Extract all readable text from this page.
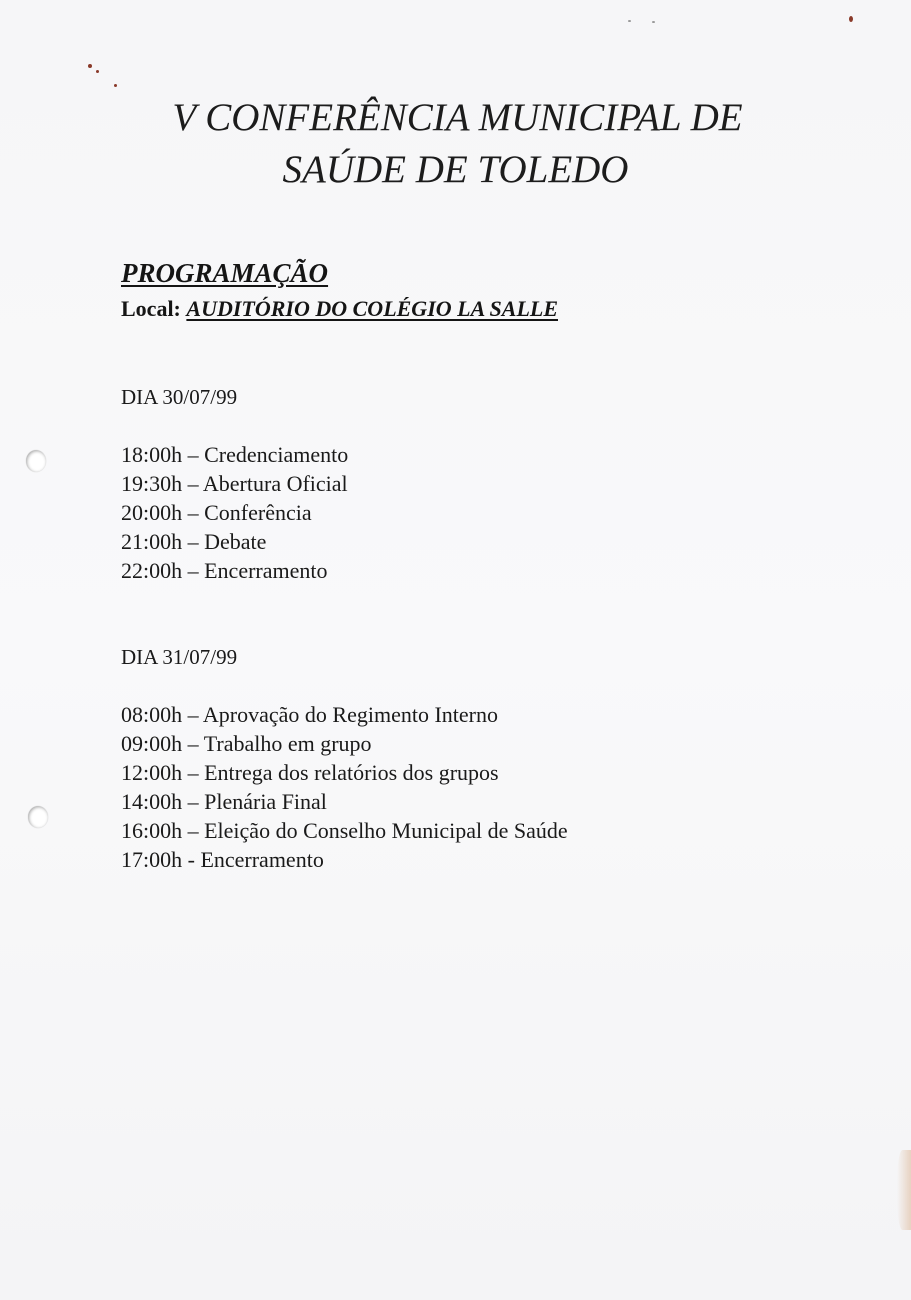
V CONFERÊNCIA MUNICIPAL DE
SAÚDE DE TOLEDO
PROGRAMAÇÃO
Local: AUDITÓRIO DO COLÉGIO LA SALLE
DIA 30/07/99
18:00h – Credenciamento
19:30h – Abertura Oficial
20:00h – Conferência
21:00h – Debate
22:00h – Encerramento
DIA 31/07/99
08:00h – Aprovação do Regimento Interno
09:00h – Trabalho em grupo
12:00h – Entrega dos relatórios dos grupos
14:00h – Plenária Final
16:00h – Eleição do Conselho Municipal de Saúde
17:00h - Encerramento
